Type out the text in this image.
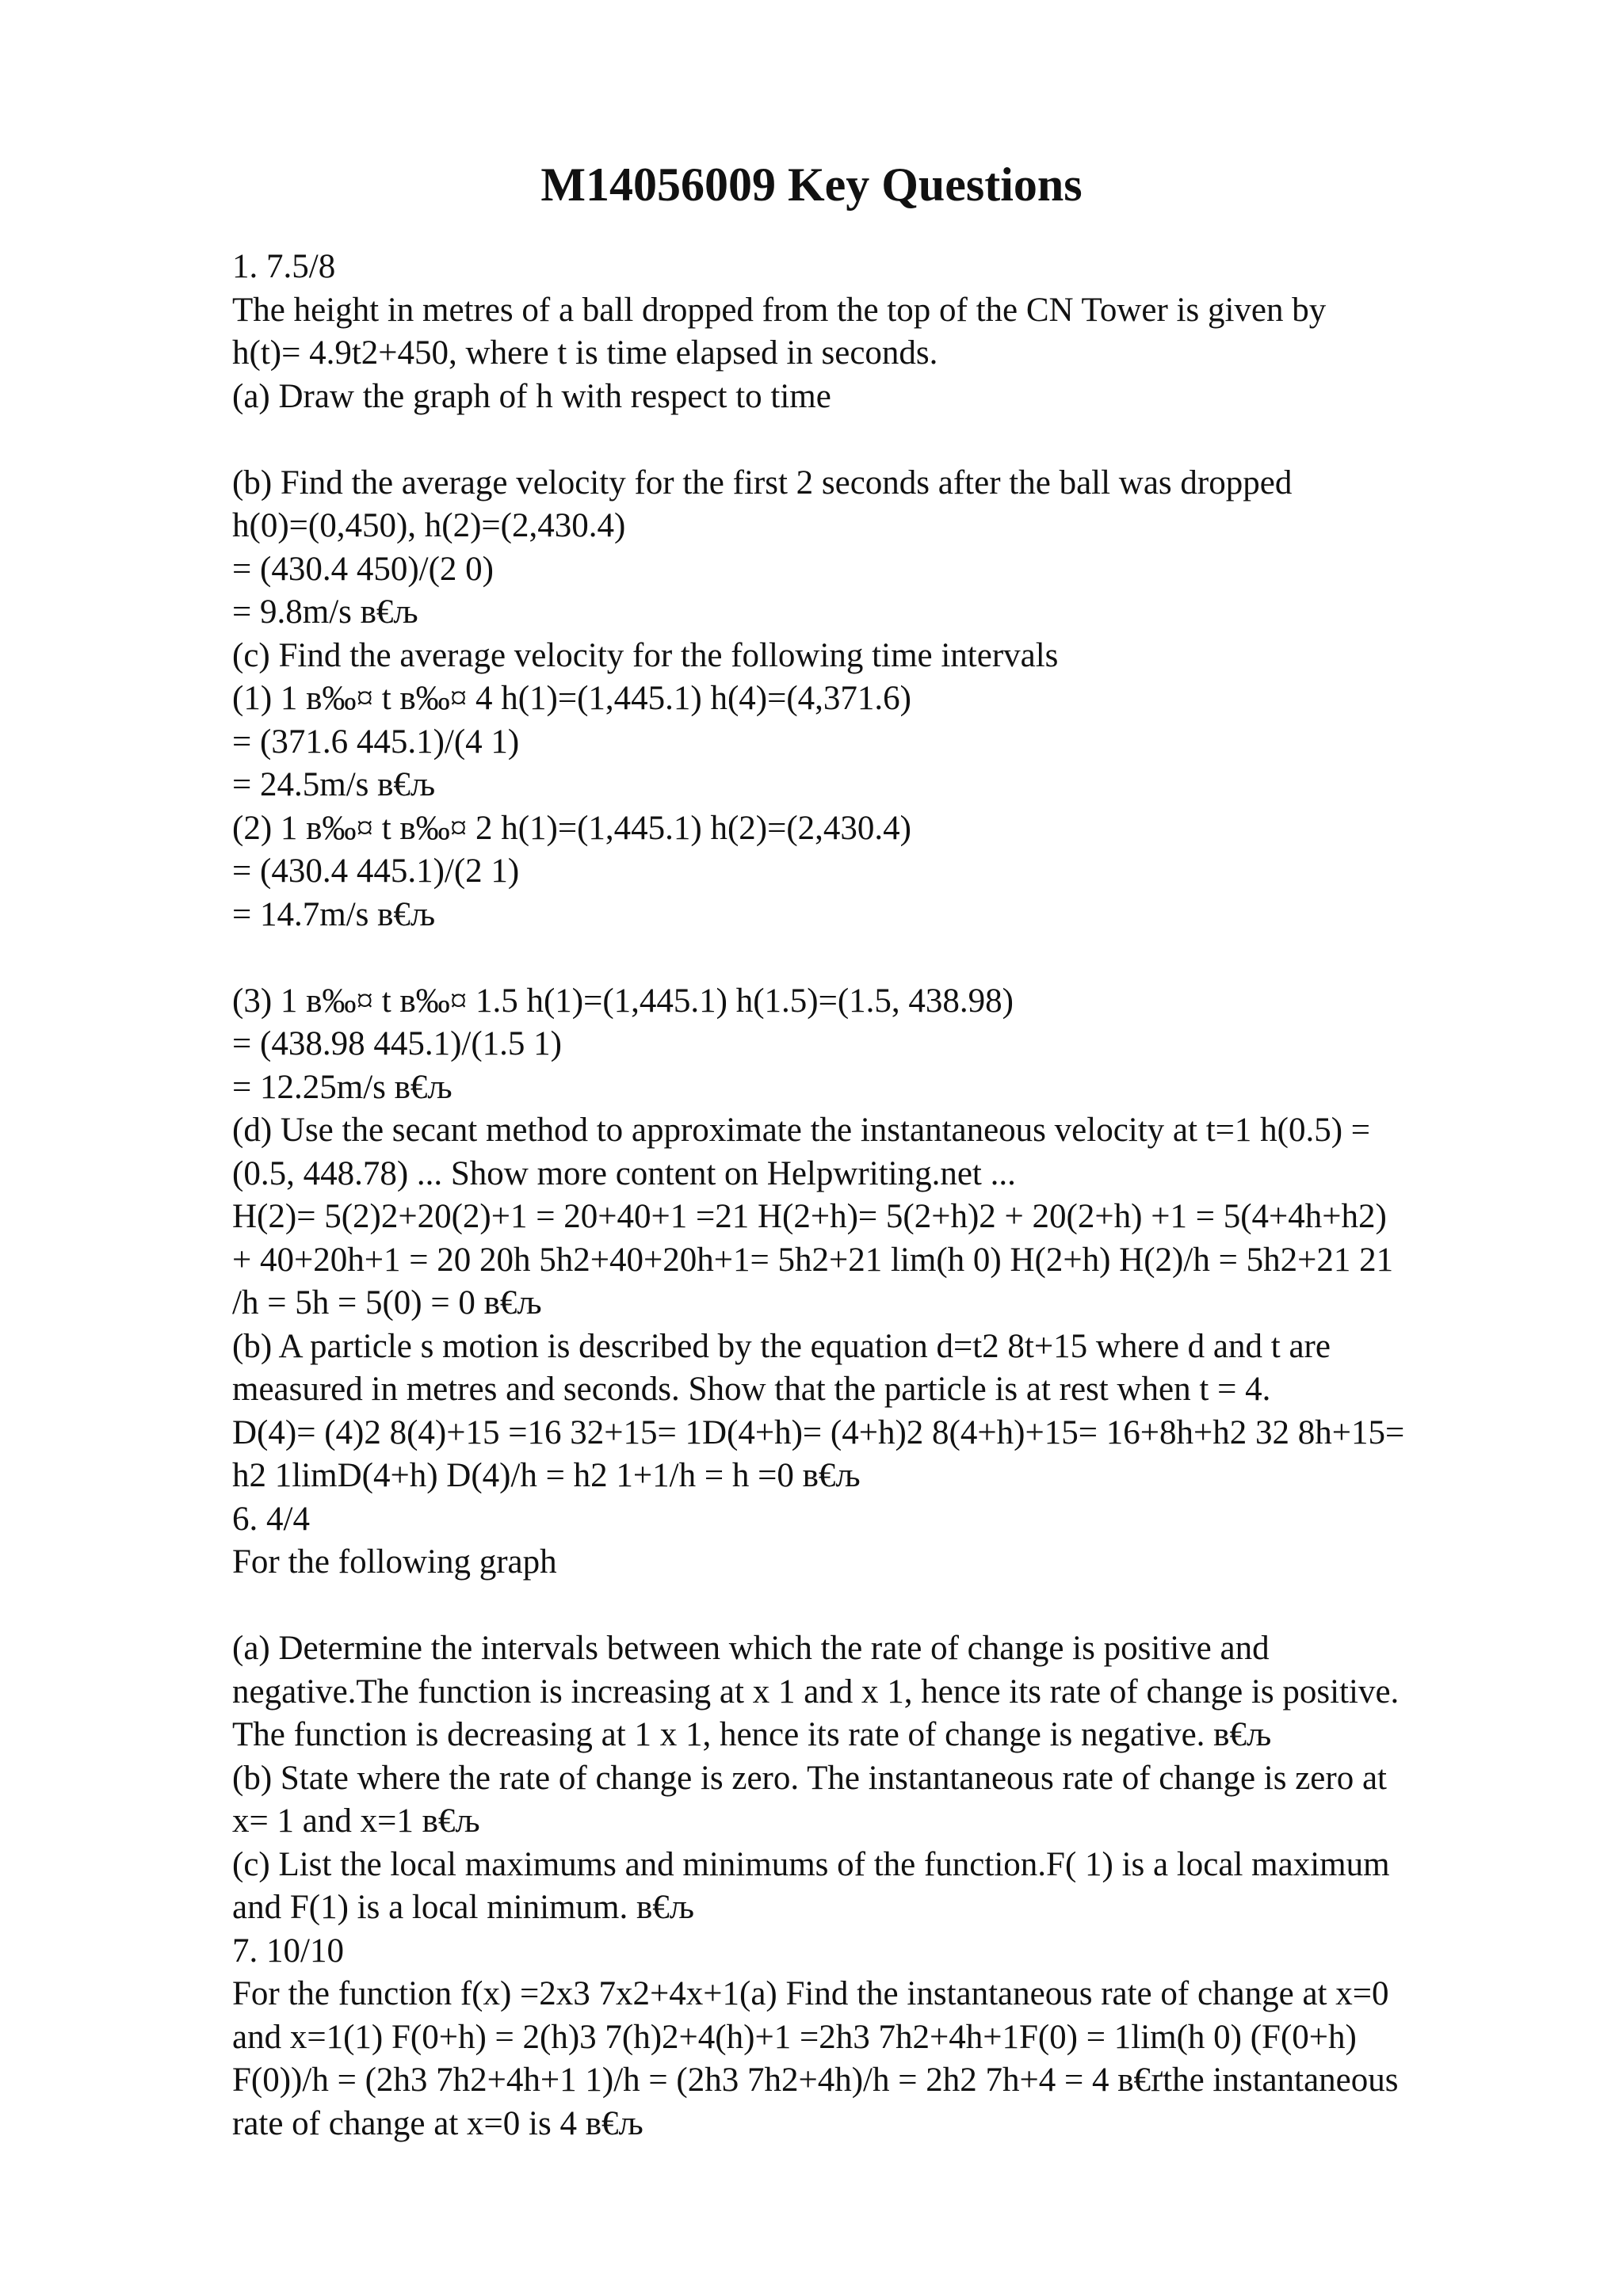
M14056009 Key Questions
1. 7.5/8
The height in metres of a ball dropped from the top of the CN Tower is given by
h(t)= 4.9t2+450, where t is time elapsed in seconds.
(a) Draw the graph of h with respect to time
(b) Find the average velocity for the first 2 seconds after the ball was dropped
h(0)=(0,450), h(2)=(2,430.4)
= (430.4 450)/(2 0)
= 9.8m/s в€љ
(c) Find the average velocity for the following time intervals
(1) 1 в‰¤ t в‰¤ 4 h(1)=(1,445.1) h(4)=(4,371.6)
= (371.6 445.1)/(4 1)
= 24.5m/s в€љ
(2) 1 в‰¤ t в‰¤ 2 h(1)=(1,445.1) h(2)=(2,430.4)
= (430.4 445.1)/(2 1)
= 14.7m/s в€љ
(3) 1 в‰¤ t в‰¤ 1.5 h(1)=(1,445.1) h(1.5)=(1.5, 438.98)
= (438.98 445.1)/(1.5 1)
= 12.25m/s в€љ
(d) Use the secant method to approximate the instantaneous velocity at t=1 h(0.5) =
(0.5, 448.78) ... Show more content on Helpwriting.net ...
H(2)= 5(2)2+20(2)+1 = 20+40+1 =21 H(2+h)= 5(2+h)2 + 20(2+h) +1 = 5(4+4h+h2)
+ 40+20h+1 = 20 20h 5h2+40+20h+1= 5h2+21 lim(h 0) H(2+h) H(2)/h = 5h2+21 21
/h = 5h = 5(0) = 0 в€љ
(b) A particle s motion is described by the equation d=t2 8t+15 where d and t are
measured in metres and seconds. Show that the particle is at rest when t = 4.
D(4)= (4)2 8(4)+15 =16 32+15= 1D(4+h)= (4+h)2 8(4+h)+15= 16+8h+h2 32 8h+15=
h2 1limD(4+h) D(4)/h = h2 1+1/h = h =0 в€љ
6. 4/4
For the following graph
(a) Determine the intervals between which the rate of change is positive and
negative.The function is increasing at x 1 and x 1, hence its rate of change is positive.
The function is decreasing at 1 x 1, hence its rate of change is negative. в€љ
(b) State where the rate of change is zero. The instantaneous rate of change is zero at
x= 1 and x=1 в€љ
(c) List the local maximums and minimums of the function.F( 1) is a local maximum
and F(1) is a local minimum. в€љ
7. 10/10
For the function f(x) =2x3 7x2+4x+1(a) Find the instantaneous rate of change at x=0
and x=1(1) F(0+h) = 2(h)3 7(h)2+4(h)+1 =2h3 7h2+4h+1F(0) = 1lim(h 0) (F(0+h)
F(0))/h = (2h3 7h2+4h+1 1)/h = (2h3 7h2+4h)/h = 2h2 7h+4 = 4 в€ґthe instantaneous
rate of change at x=0 is 4 в€љ
